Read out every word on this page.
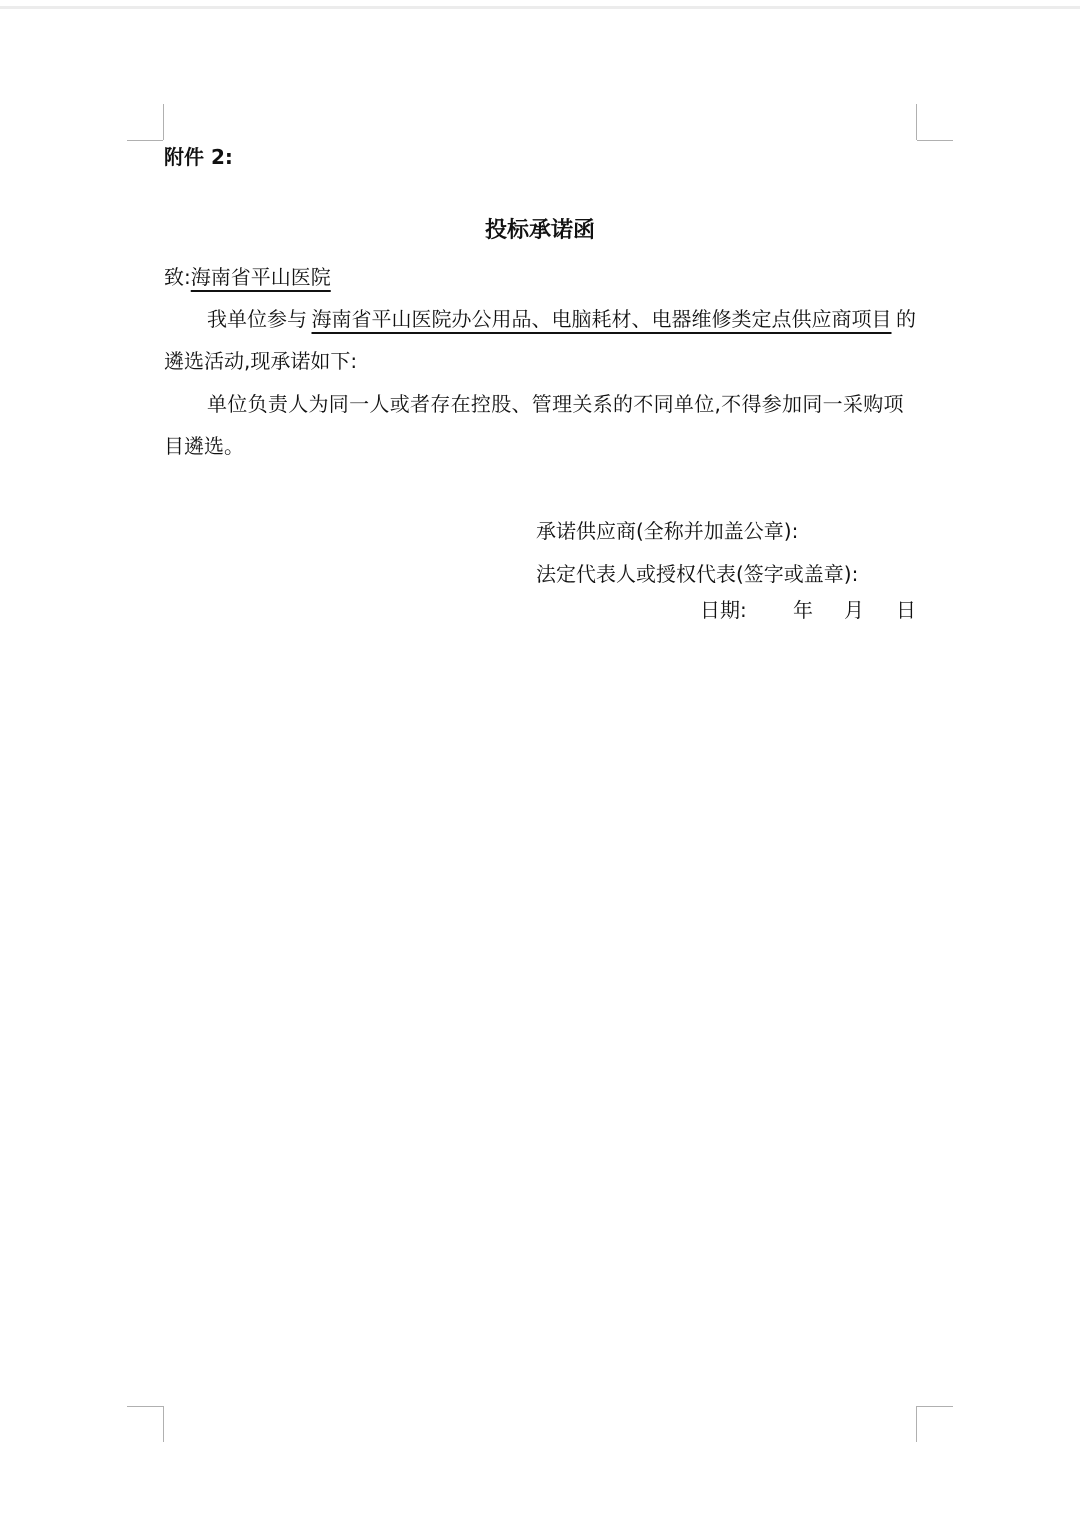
附件 2:
投标承诺函
致:海南省平山医院
我单位参与 海南省平山医院办公用品、电脑耗材、电器维修类定点供应商项目 的
遴选活动,现承诺如下:
单位负责人为同一人或者存在控股、管理关系的不同单位,不得参加同一采购项
目遴选。
承诺供应商(全称并加盖公章):
法定代表人或授权代表(签字或盖章):
日期: 年 月 日
